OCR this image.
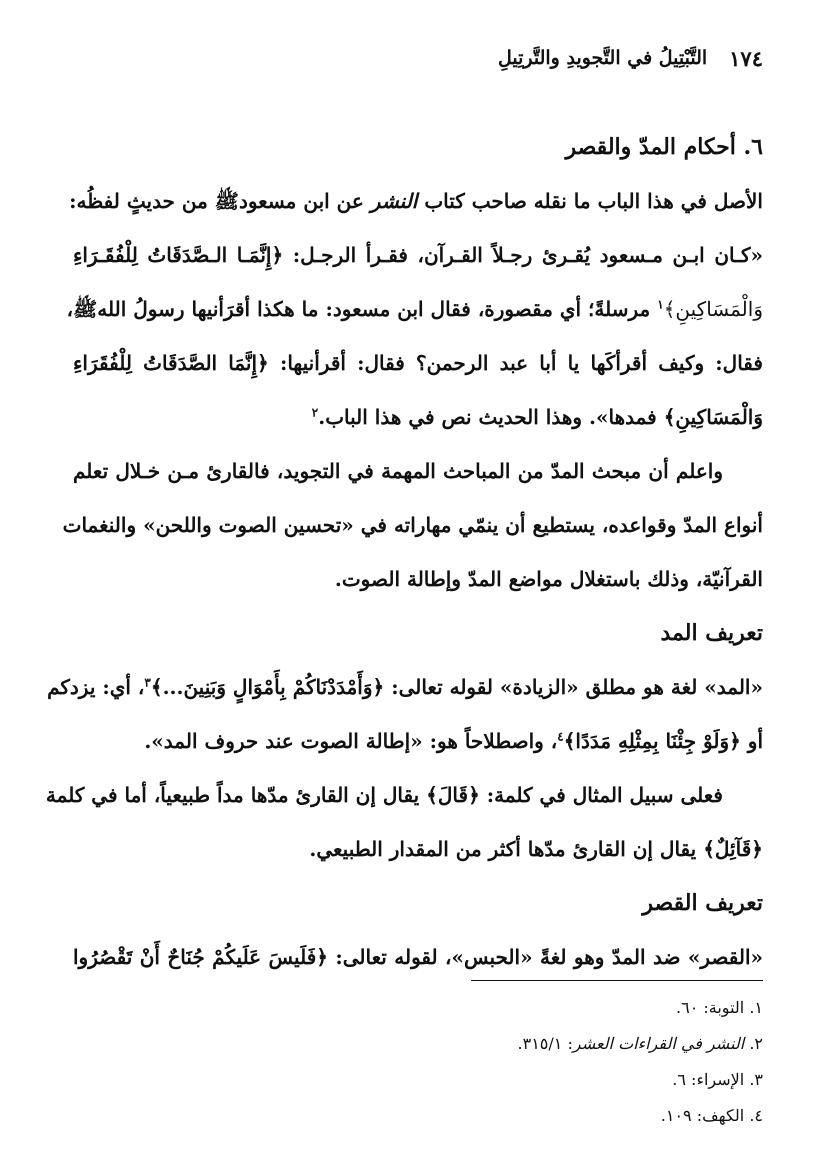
١٧٤
التَّبْتِيلُ في التَّجويدِ والتَّرتِيلِ
٦. أحكام المدّ والقصر
الأصل في هذا الباب ما نقله صاحب كتاب النشر عن ابن مسعودﷺ من حديثٍ لفظُه:
«كـان ابـن مـسعود يُقـرئ رجـلاً القـرآن، فقـرأ الرجـل: ﴿إِنَّمَـا الـصَّدَقَاتُ لِلْفُقَـرَاءِ
وَالْمَسَاكِينِ﴾$^١$ مرسلةً؛ أي مقصورة، فقال ابن مسعود: ما هكذا أقرَأنيها رسولُ اللهﷺ،
فقال: وكيف أقرأكَها يا أبا عبد الرحمن؟ فقال: أقرأنيها: ﴿إِنَّمَا الصَّدَقَاتُ لِلْفُقَرَاءِ
وَالْمَسَاكِينِ﴾ فمدها». وهذا الحديث نص في هذا الباب.$^٢$
واعلم أن مبحث المدّ من المباحث المهمة في التجويد، فالقارئ مـن خـلال تعلم
أنواع المدّ وقواعده، يستطيع أن ينمّي مهاراته في «تحسين الصوت واللحن» والنغمات
القرآنيّة، وذلك باستغلال مواضع المدّ وإطالة الصوت.
تعريف المد
«المد» لغة هو مطلق «الزيادة» لقوله تعالى: ﴿وَأَمْدَدْنَاكُمْ بِأَمْوَالٍ وَبَنِينَ...﴾$^٣$، أي: يزدكم
أو ﴿وَلَوْ جِئْنَا بِمِثْلِهِ مَدَدًا﴾$^٤$، واصطلاحاً هو: «إطالة الصوت عند حروف المد».
فعلى سبيل المثال في كلمة: ﴿قَالَ﴾ يقال إن القارئ مدّها مداً طبيعياً، أما في كلمة
﴿قَآئِلٌ﴾ يقال إن القارئ مدّها أكثر من المقدار الطبيعي.
تعريف القصر
«القصر» ضد المدّ وهو لغةً «الحبس»، لقوله تعالى: ﴿فَلَيسَ عَلَيكُمْ جُنَاحٌ أَنْ تَقْصُرُوا
١. التوبة: ٦٠.
٢. النشر في القراءات العشر: ٣١٥/١.
٣. الإسراء: ٦.
٤. الكهف: ١٠٩.
